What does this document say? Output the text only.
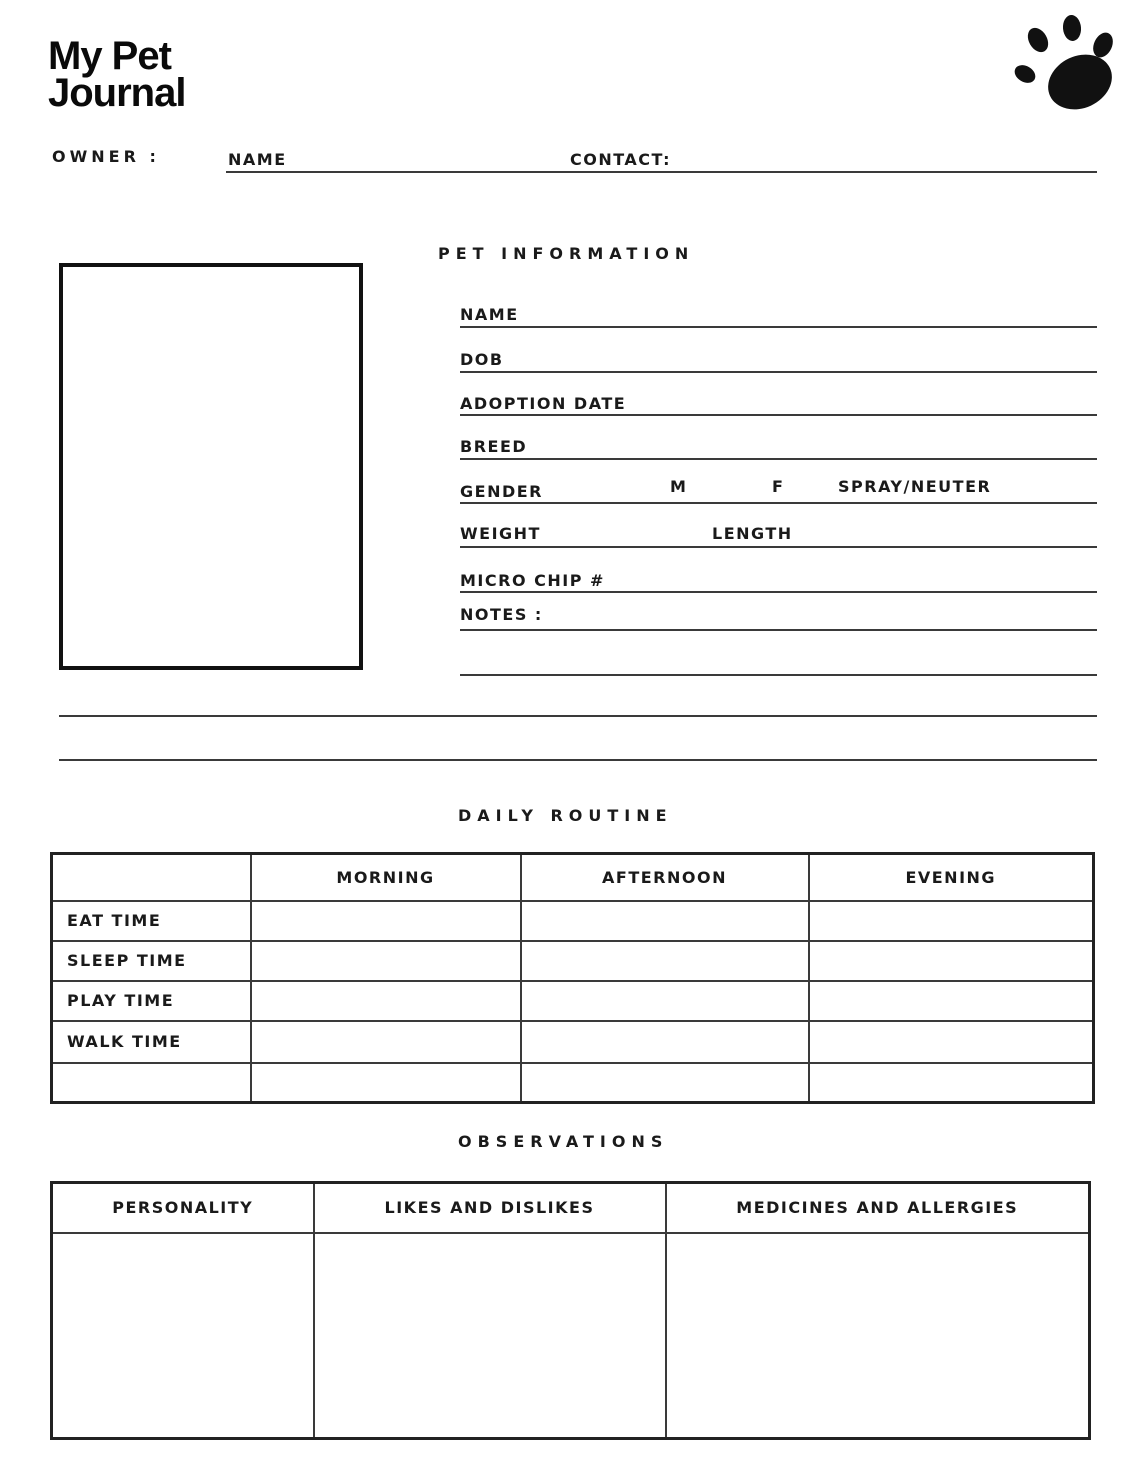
My Pet
Journal
OWNER :	NAME	CONTACT:
PET INFORMATION
NAME
DOB
ADOPTION DATE
BREED
GENDER	M	F	SPRAY/NEUTER
WEIGHT	LENGTH
MICRO CHIP #
NOTES :
DAILY ROUTINE
	MORNING	AFTERNOON	EVENING
EAT TIME			
SLEEP TIME			
PLAY TIME			
WALK TIME			

OBSERVATIONS
PERSONALITY	LIKES AND DISLIKES	MEDICINES AND ALLERGIES
